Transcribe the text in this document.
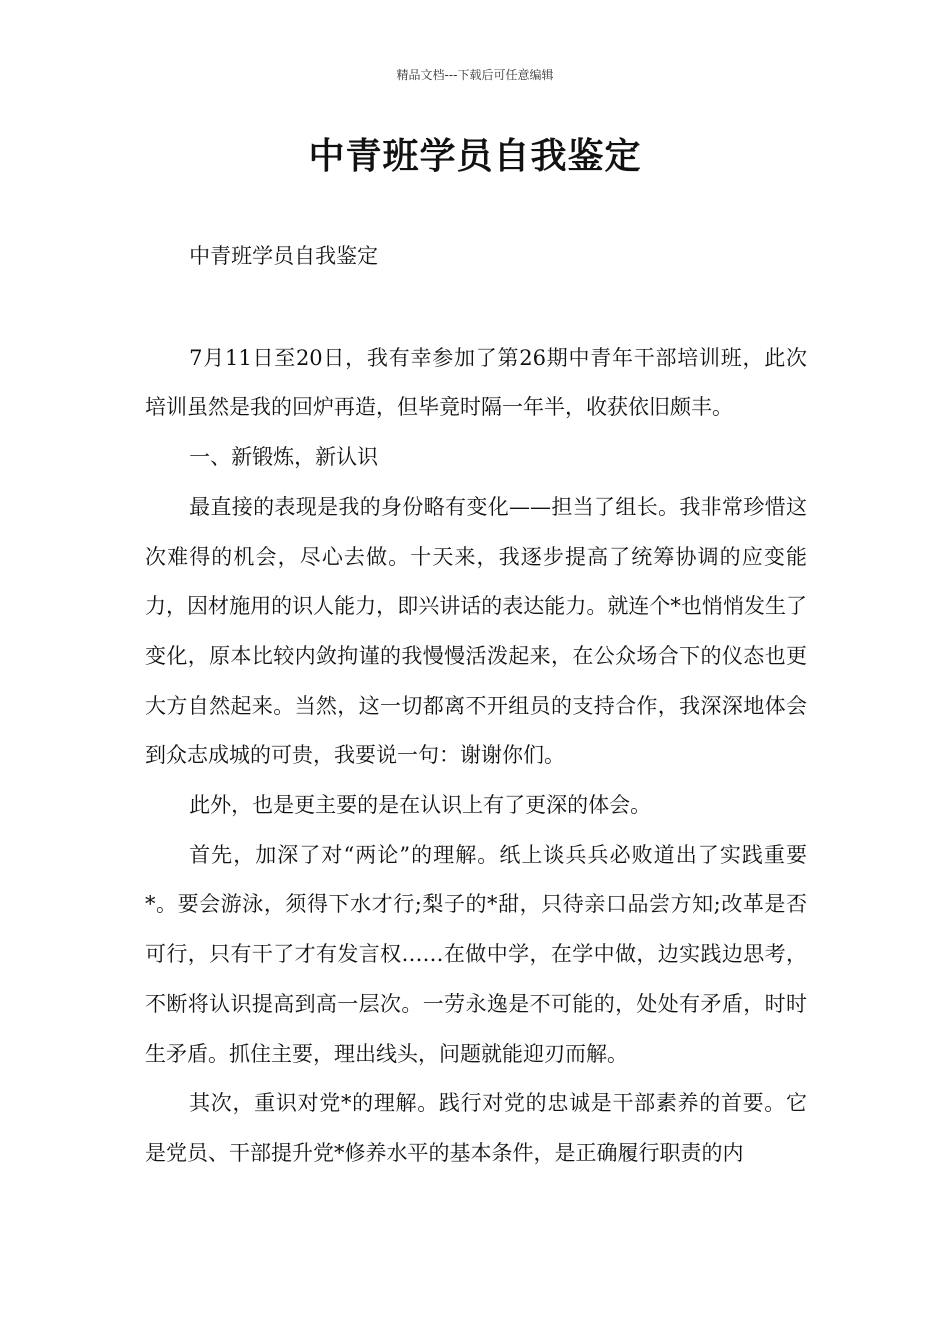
精品文档---下载后可任意编辑
中青班学员自我鉴定

中青班学员自我鉴定

7月11日至20日，我有幸参加了第26期中青年干部培训班，此次培训虽然是我的回炉再造，但毕竟时隔一年半，收获依旧颇丰。

一、新锻炼，新认识

最直接的表现是我的身份略有变化——担当了组长。我非常珍惜这次难得的机会，尽心去做。十天来，我逐步提高了统筹协调的应变能力，因材施用的识人能力，即兴讲话的表达能力。就连个*也悄悄发生了变化，原本比较内敛拘谨的我慢慢活泼起来，在公众场合下的仪态也更大方自然起来。当然，这一切都离不开组员的支持合作，我深深地体会到众志成城的可贵，我要说一句：谢谢你们。

此外，也是更主要的是在认识上有了更深的体会。

首先，加深了对“两论”的理解。纸上谈兵兵必败道出了实践重要*。要会游泳，须得下水才行;梨子的*甜，只待亲口品尝方知;改革是否可行，只有干了才有发言权……在做中学，在学中做，边实践边思考，不断将认识提高到高一层次。一劳永逸是不可能的，处处有矛盾，时时生矛盾。抓住主要，理出线头，问题就能迎刃而解。

其次，重识对党*的理解。践行对党的忠诚是干部素养的首要。它是党员、干部提升党*修养水平的基本条件，是正确履行职责的内
